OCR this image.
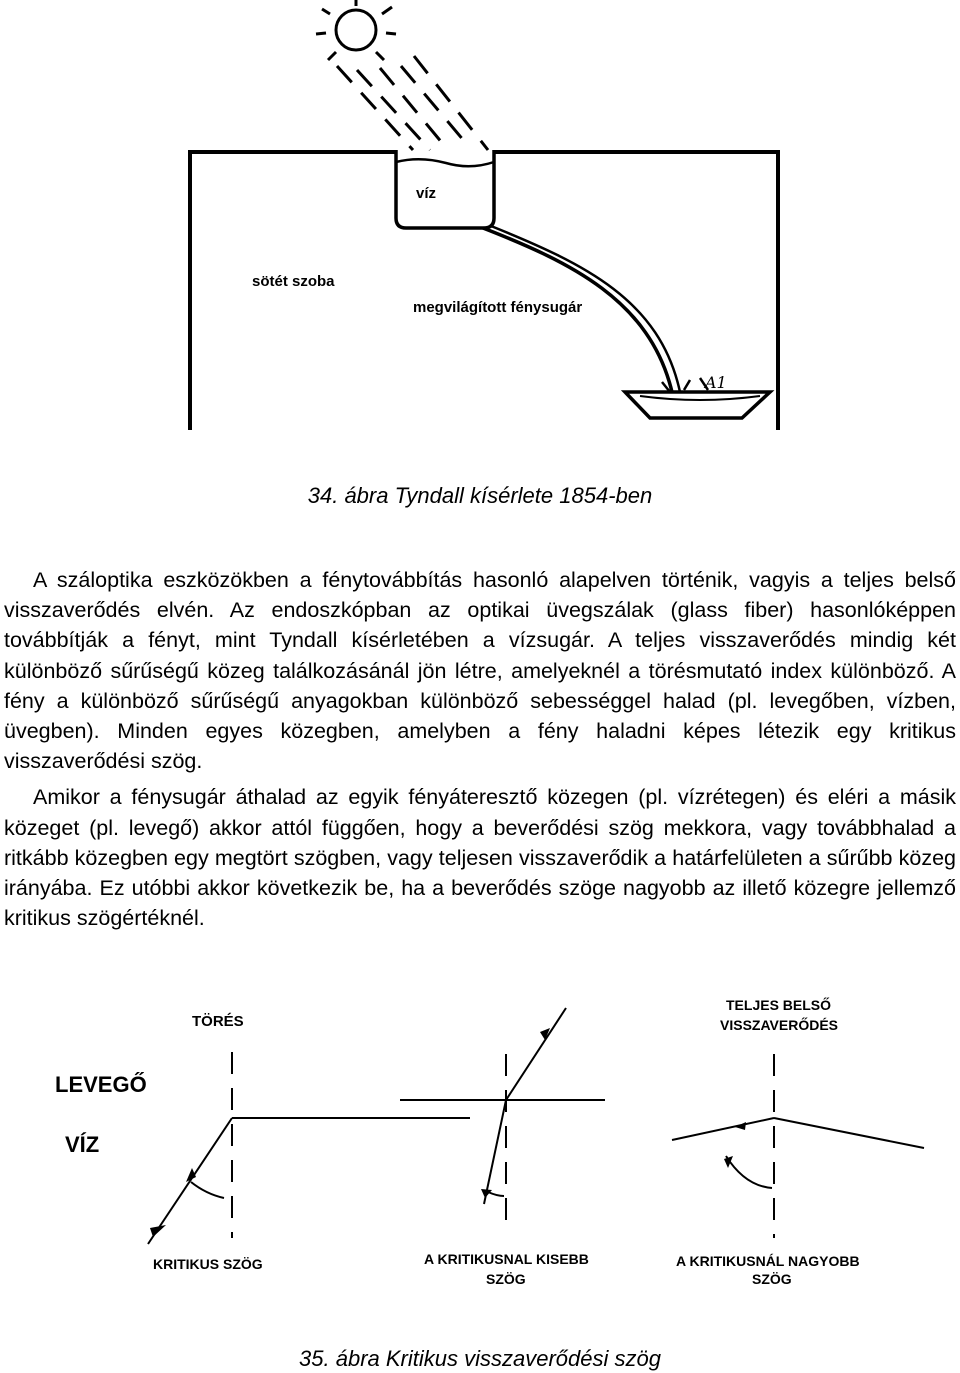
víz
sötét szoba
megvilágított fénysugár
A1
34. ábra Tyndall kísérlete 1854-ben

A száloptika eszközökben a fénytovábbítás hasonló alapelven történik, vagyis a teljes belső visszaverődés elvén. Az endoszkópban az optikai üvegszálak (glass fiber) hasonlóképpen továbbítják a fényt, mint Tyndall kísérletében a vízsugár. A teljes visszaverődés mindig két különböző sűrűségű közeg találkozásánál jön létre, amelyeknél a törésmutató index különböző. A fény a különböző sűrűségű anyagokban különböző sebességgel halad (pl. levegőben, vízben, üvegben). Minden egyes közegben, amelyben a fény haladni képes létezik egy kritikus visszaverődési szög.

Amikor a fénysugár áthalad az egyik fényáteresztő közegen (pl. vízrétegen) és eléri a másik közeget (pl. levegő) akkor attól függően, hogy a beverődési szög mekkora, vagy továbbhalad a ritkább közegben egy megtört szögben, vagy teljesen visszaverődik a határfelületen a sűrűbb közeg irányába. Ez utóbbi akkor következik be, ha a beverődés szöge nagyobb az illető közegre jellemző kritikus szögértéknél.

TÖRÉS
TELJES BELSŐ
VISSZAVERŐDÉS
LEVEGŐ
VÍZ
KRITIKUS SZÖG	A KRITIKUSNAL KISEBB
SZÖG
A KRITIKUSNÁL NAGYOBB
SZÖG
35. ábra Kritikus visszaverődési szög
